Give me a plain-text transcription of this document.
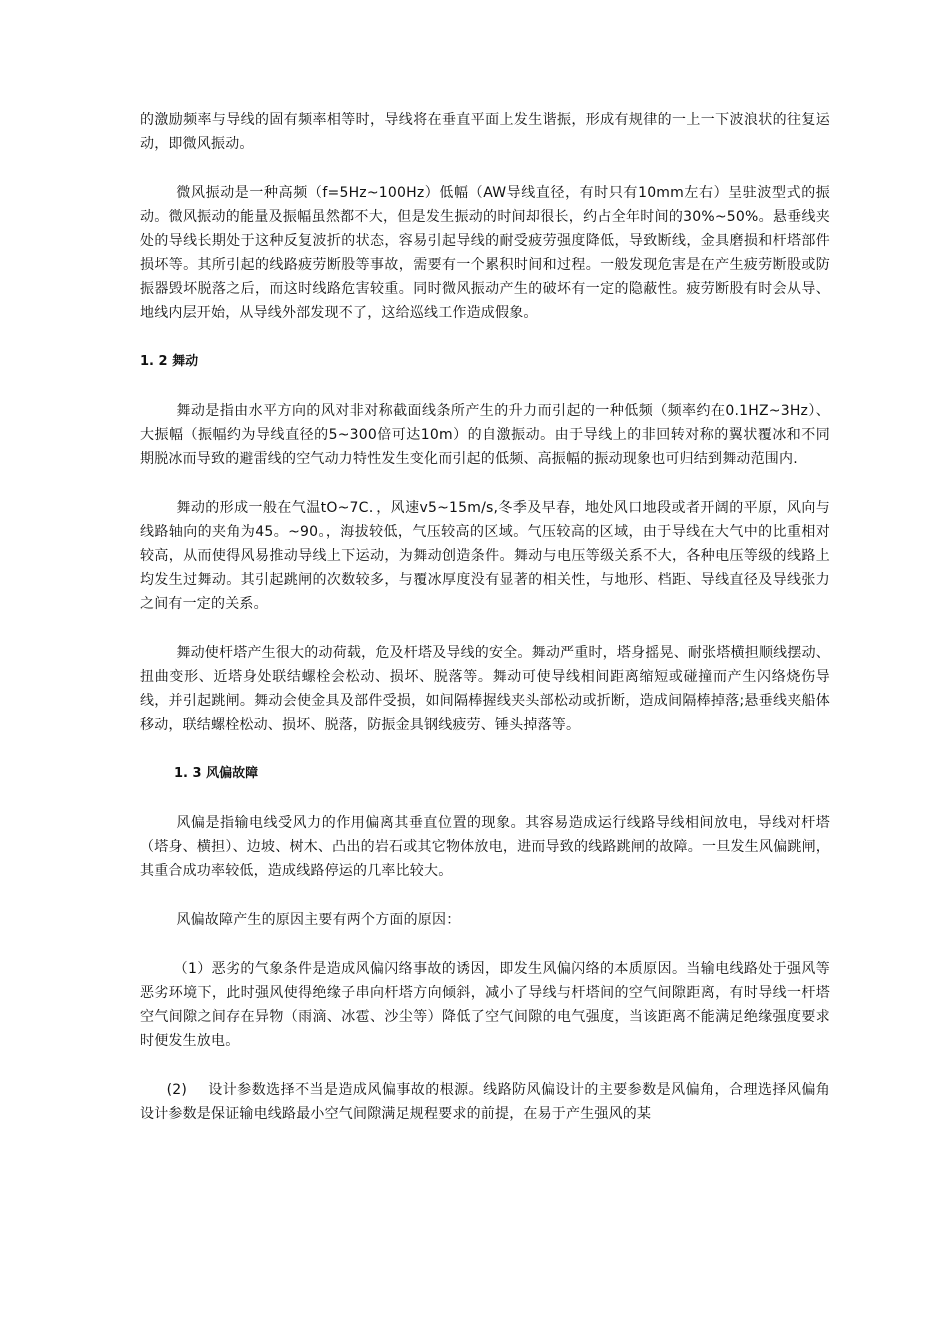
的激励频率与导线的固有频率相等时，导线将在垂直平面上发生谐振，形成有规律的一上一下波浪状的往复运动，即微风振动。

微风振动是一种高频（f=5Hz~100Hz）低幅（AW导线直径，有时只有10mm左右）呈驻波型式的振动。微风振动的能量及振幅虽然都不大，但是发生振动的时间却很长，约占全年时间的30%~50%。悬垂线夹处的导线长期处于这种反复波折的状态，容易引起导线的耐受疲劳强度降低，导致断线，金具磨损和杆塔部件损坏等。其所引起的线路疲劳断股等事故，需要有一个累积时间和过程。一般发现危害是在产生疲劳断股或防振器毁坏脱落之后，而这时线路危害较重。同时微风振动产生的破坏有一定的隐蔽性。疲劳断股有时会从导、地线内层开始，从导线外部发现不了，这给巡线工作造成假象。

1. 2 舞动

舞动是指由水平方向的风对非对称截面线条所产生的升力而引起的一种低频（频率约在0.1HZ~3Hz）、大振幅（振幅约为导线直径的5~300倍可达10m）的自激振动。由于导线上的非回转对称的翼状覆冰和不同期脱冰而导致的避雷线的空气动力特性发生变化而引起的低频、高振幅的振动现象也可归结到舞动范围内.

舞动的形成一般在气温tO~7C．，风速v5~15m/s,冬季及早春，地处风口地段或者开阔的平原，风向与线路轴向的夹角为45。~90。，海拔较低，气压较高的区域。气压较高的区域，由于导线在大气中的比重相对较高，从而使得风易推动导线上下运动，为舞动创造条件。舞动与电压等级关系不大，各种电压等级的线路上均发生过舞动。其引起跳闸的次数较多，与覆冰厚度没有显著的相关性，与地形、档距、导线直径及导线张力之间有一定的关系。

舞动使杆塔产生很大的动荷载，危及杆塔及导线的安全。舞动严重时，塔身摇晃、耐张塔横担顺线摆动、扭曲变形、近塔身处联结螺栓会松动、损坏、脱落等。舞动可使导线相间距离缩短或碰撞而产生闪络烧伤导线，并引起跳闸。舞动会使金具及部件受损，如间隔棒握线夹头部松动或折断，造成间隔棒掉落;悬垂线夹船体移动，联结螺栓松动、损坏、脱落，防振金具钢线疲劳、锤头掉落等。

1. 3 风偏故障

风偏是指输电线受风力的作用偏离其垂直位置的现象。其容易造成运行线路导线相间放电，导线对杆塔（塔身、横担）、边坡、树木、凸出的岩石或其它物体放电，进而导致的线路跳闸的故障。一旦发生风偏跳闸，其重合成功率较低，造成线路停运的几率比较大。

风偏故障产生的原因主要有两个方面的原因：

（1）恶劣的气象条件是造成风偏闪络事故的诱因，即发生风偏闪络的本质原因。当输电线路处于强风等恶劣环境下，此时强风使得绝缘子串向杆塔方向倾斜，减小了导线与杆塔间的空气间隙距离，有时导线一杆塔空气间隙之间存在异物（雨滴、冰雹、沙尘等）降低了空气间隙的电气强度，当该距离不能满足绝缘强度要求时便发生放电。

(2) 设计参数选择不当是造成风偏事故的根源。线路防风偏设计的主要参数是风偏角，合理选择风偏角设计参数是保证输电线路最小空气间隙满足规程要求的前提，在易于产生强风的某
